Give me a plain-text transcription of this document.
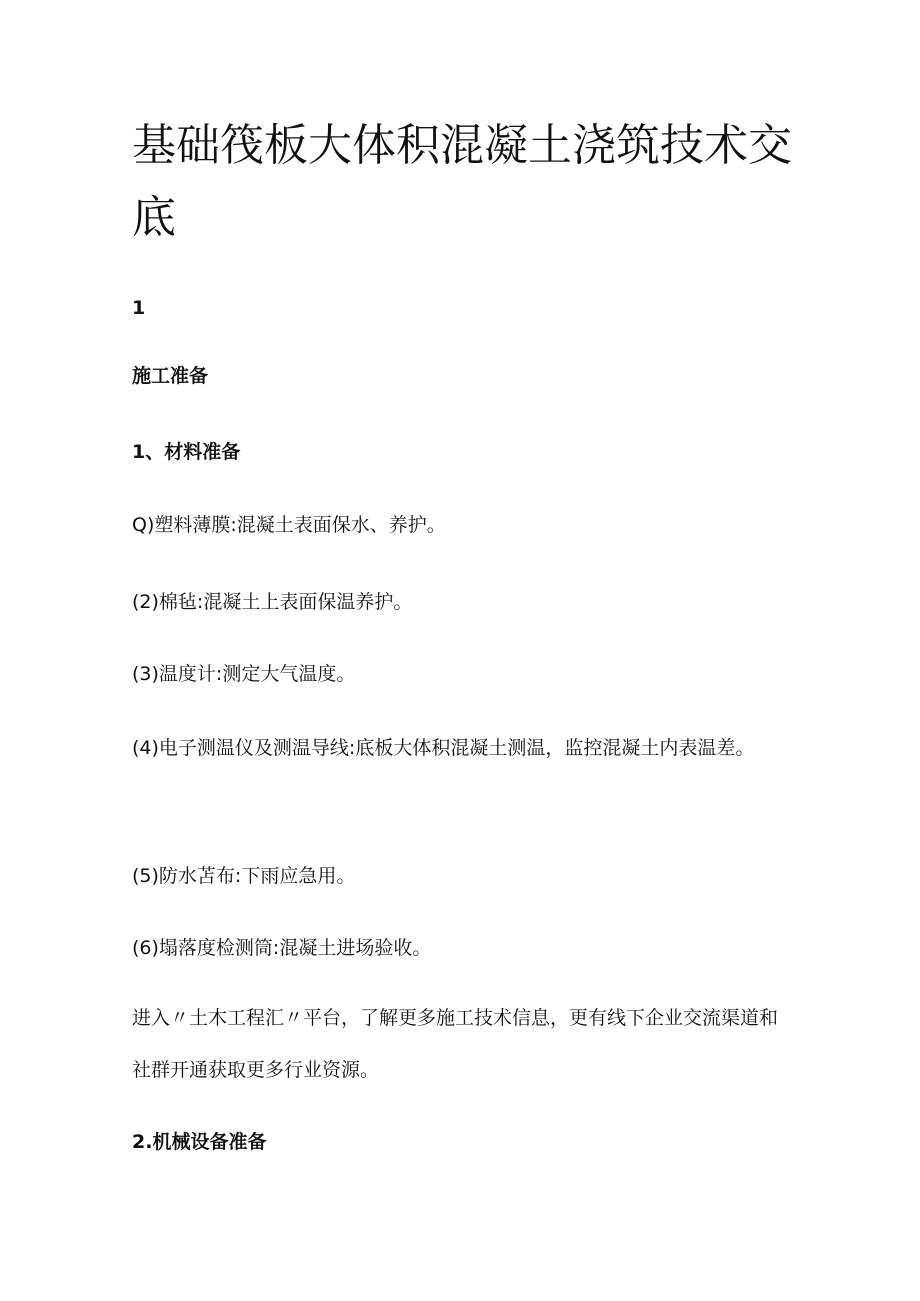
基础筏板大体积混凝土浇筑技术交底

1

施工准备

1、材料准备

Q)塑料薄膜:混凝土表面保水、养护。

(2)棉毡:混凝土上表面保温养护。

(3)温度计:测定大气温度。

(4)电子测温仪及测温导线:底板大体积混凝土测温，监控混凝土内表温差。

(5)防水苫布:下雨应急用。

(6)塌落度检测筒:混凝土进场验收。

进入〃土木工程汇〃平台，了解更多施工技术信息，更有线下企业交流渠道和社群开通获取更多行业资源。

2.机械设备准备
